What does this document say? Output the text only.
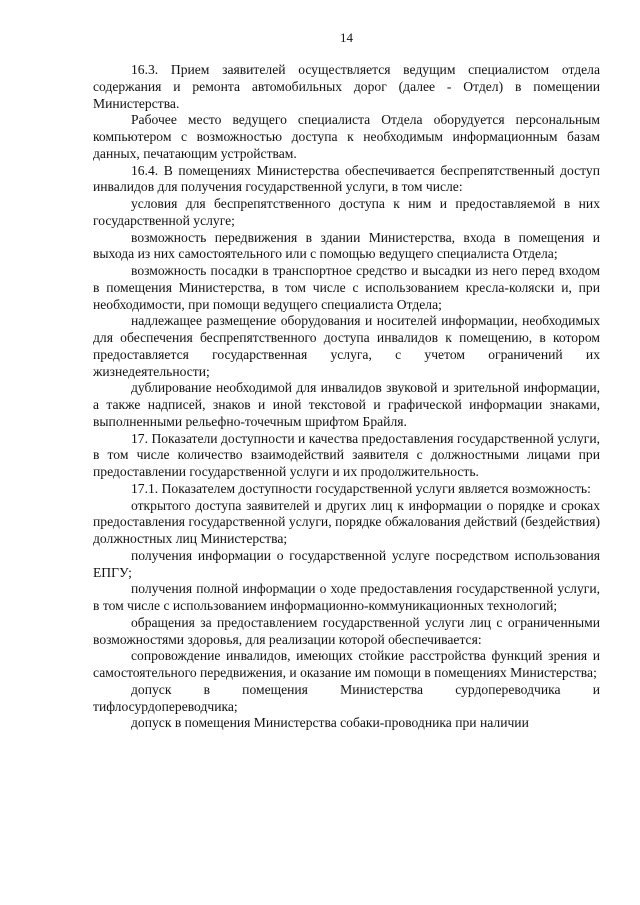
14

16.3. Прием заявителей осуществляется ведущим специалистом отдела содержания и ремонта автомобильных дорог (далее - Отдел) в помещении Министерства.

Рабочее место ведущего специалиста Отдела оборудуется персональным компьютером с возможностью доступа к необходимым информационным базам данных, печатающим устройствам.

16.4. В помещениях Министерства обеспечивается беспрепятственный доступ инвалидов для получения государственной услуги, в том числе:

условия для беспрепятственного доступа к ним и предоставляемой в них государственной услуге;

возможность передвижения в здании Министерства, входа в помещения и выхода из них самостоятельного или с помощью ведущего специалиста Отдела;

возможность посадки в транспортное средство и высадки из него перед входом в помещения Министерства, в том числе с использованием кресла-коляски и, при необходимости, при помощи ведущего специалиста Отдела;

надлежащее размещение оборудования и носителей информации, необходимых для обеспечения беспрепятственного доступа инвалидов к помещению, в котором предоставляется государственная услуга, с учетом ограничений их жизнедеятельности;

дублирование необходимой для инвалидов звуковой и зрительной информации, а также надписей, знаков и иной текстовой и графической информации знаками, выполненными рельефно-точечным шрифтом Брайля.

17. Показатели доступности и качества предоставления государственной услуги, в том числе количество взаимодействий заявителя с должностными лицами при предоставлении государственной услуги и их продолжительность.

17.1. Показателем доступности государственной услуги является возможность:

открытого доступа заявителей и других лиц к информации о порядке и сроках предоставления государственной услуги, порядке обжалования действий (бездействия) должностных лиц Министерства;

получения информации о государственной услуге посредством использования ЕПГУ;

получения полной информации о ходе предоставления государственной услуги, в том числе с использованием информационно-коммуникационных технологий;

обращения за предоставлением государственной услуги лиц с ограниченными возможностями здоровья, для реализации которой обеспечивается:

сопровождение инвалидов, имеющих стойкие расстройства функций зрения и самостоятельного передвижения, и оказание им помощи в помещениях Министерства;

допуск в помещения Министерства сурдопереводчика и тифлосурдопереводчика;

допуск в помещения Министерства собаки-проводника при наличии
